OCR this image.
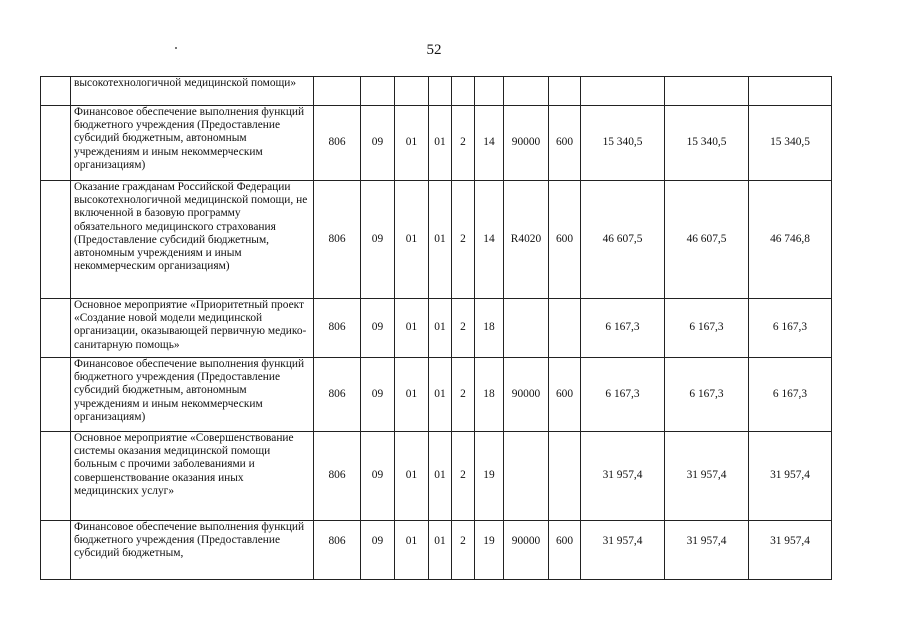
52
	высокотехнологичной медицинской помощи»											
	Финансовое обеспечение выполнения функций бюджетного учреждения (Предоставление субсидий бюджетным, автономным учреждениям и иным некоммерческим организациям)	806	09	01	01	2	14	90000	600	15 340,5	15 340,5	15 340,5
	Оказание гражданам Российской Федерации высокотехнологичной медицинской помощи, не включенной в базовую программу обязательного медицинского страхования (Предоставление субсидий бюджетным, автономным учреждениям и иным некоммерческим организациям)	806	09	01	01	2	14	R4020	600	46 607,5	46 607,5	46 746,8
	Основное мероприятие «Приоритетный проект «Создание новой модели медицинской организации, оказывающей первичную медико-санитарную помощь»	806	09	01	01	2	18			6 167,3	6 167,3	6 167,3
	Финансовое обеспечение выполнения функций бюджетного учреждения (Предоставление субсидий бюджетным, автономным учреждениям и иным некоммерческим организациям)	806	09	01	01	2	18	90000	600	6 167,3	6 167,3	6 167,3
	Основное мероприятие «Совершенствование системы оказания медицинской помощи больным с прочими заболеваниями и совершенствование оказания иных медицинских услуг»	806	09	01	01	2	19			31 957,4	31 957,4	31 957,4
	Финансовое обеспечение выполнения функций бюджетного учреждения (Предоставление субсидий бюджетным,	806	09	01	01	2	19	90000	600	31 957,4	31 957,4	31 957,4
